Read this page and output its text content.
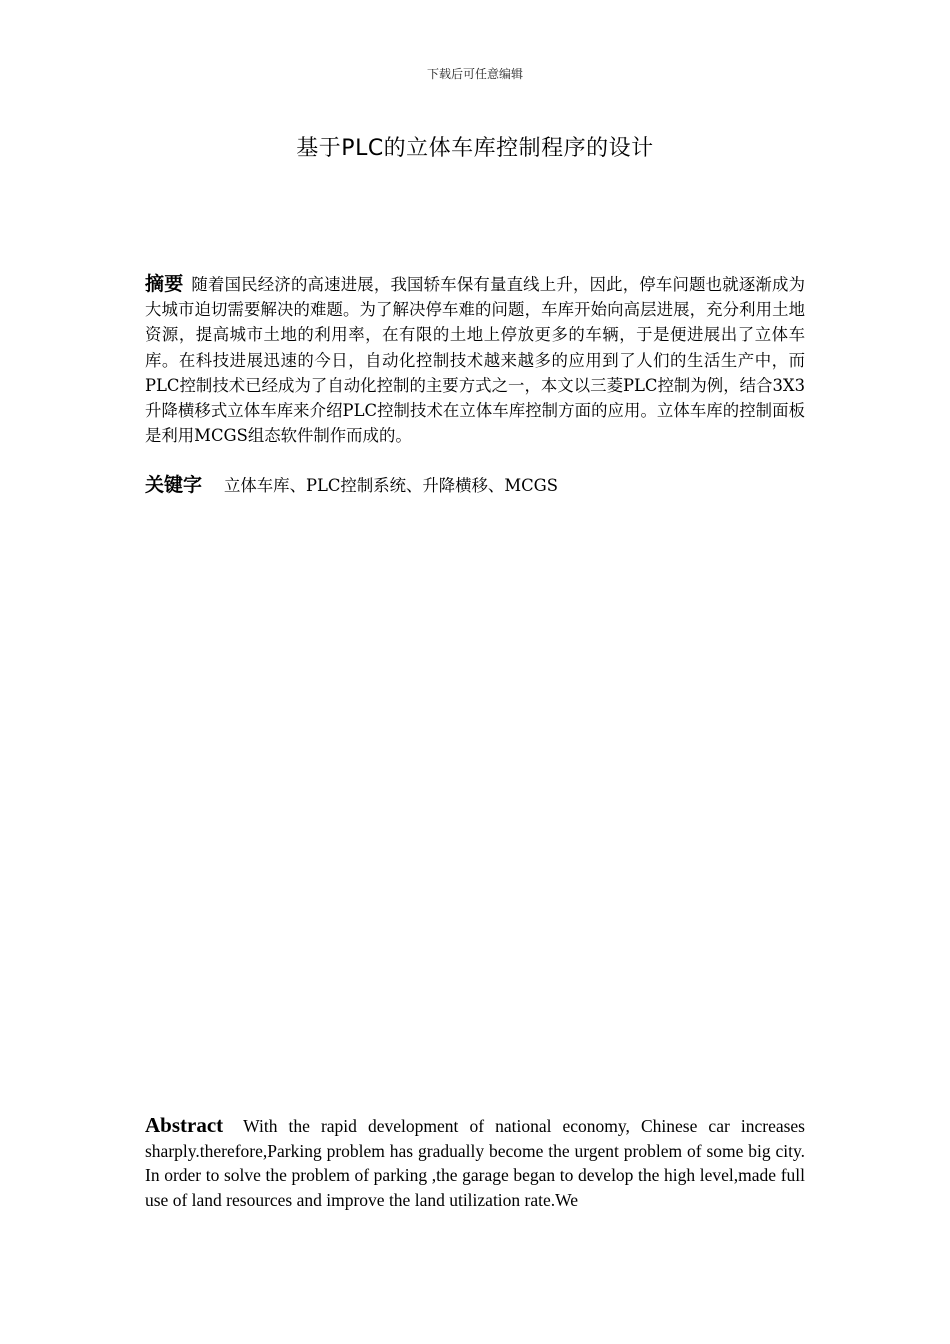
下载后可任意编辑
基于PLC的立体车库控制程序的设计

摘要 随着国民经济的高速进展，我国轿车保有量直线上升，因此，停车问题也就逐渐成为大城市迫切需要解决的难题。为了解决停车难的问题，车库开始向高层进展，充分利用土地资源，提高城市土地的利用率，在有限的土地上停放更多的车辆，于是便进展出了立体车库。在科技进展迅速的今日，自动化控制技术越来越多的应用到了人们的生活生产中，而PLC控制技术已经成为了自动化控制的主要方式之一，本文以三菱PLC控制为例，结合3X3升降横移式立体车库来介绍PLC控制技术在立体车库控制方面的应用。立体车库的控制面板是利用MCGS组态软件制作而成的。

关键字 立体车库、PLC控制系统、升降横移、MCGS

Abstract With the rapid development of national economy, Chinese car increases sharply.therefore,Parking problem has gradually become the urgent problem of some big city. In order to solve the problem of parking ,the garage began to develop the high level,made full use of land resources and improve the land utilization rate.We
